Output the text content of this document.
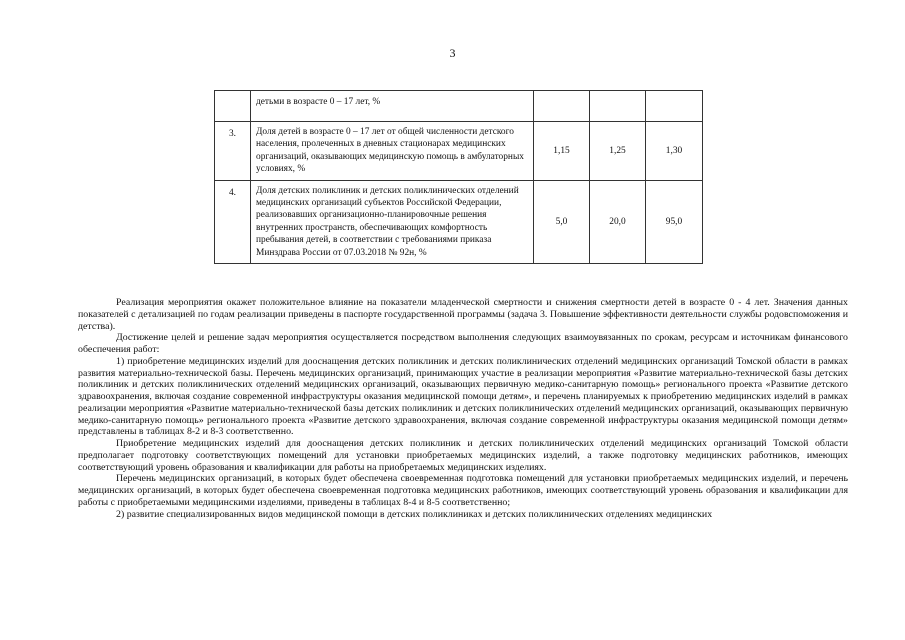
3
	детьми в возрасте 0 – 17 лет, %			
3.	Доля детей в возрасте 0 – 17 лет от общей численности детского населения, пролеченных в дневных стационарах медицинских организаций, оказывающих медицинскую помощь в амбулаторных условиях, %	1,15	1,25	1,30
4.	Доля детских поликлиник и детских поликлинических отделений медицинских организаций субъектов Российской Федерации, реализовавших организационно-планировочные решения внутренних пространств, обеспечивающих комфортность пребывания детей, в соответствии с требованиями приказа Минздрава России от 07.03.2018 № 92н, %	5,0	20,0	95,0

Реализация мероприятия окажет положительное влияние на показатели младенческой смертности и снижения смертности детей в возрасте 0 - 4 лет. Значения данных показателей с детализацией по годам реализации приведены в паспорте государственной программы (задача 3. Повышение эффективности деятельности службы родовспоможения и детства).

Достижение целей и решение задач мероприятия осуществляется посредством выполнения следующих взаимоувязанных по срокам, ресурсам и источникам финансового обеспечения работ:

1) приобретение медицинских изделий для дооснащения детских поликлиник и детских поликлинических отделений медицинских организаций Томской области в рамках развития материально-технической базы. Перечень медицинских организаций, принимающих участие в реализации мероприятия «Развитие материально-технической базы детских поликлиник и детских поликлинических отделений медицинских организаций, оказывающих первичную медико-санитарную помощь» регионального проекта «Развитие детского здравоохранения, включая создание современной инфраструктуры оказания медицинской помощи детям», и перечень планируемых к приобретению медицинских изделий в рамках реализации мероприятия «Развитие материально-технической базы детских поликлиник и детских поликлинических отделений медицинских организаций, оказывающих первичную медико-санитарную помощь» регионального проекта «Развитие детского здравоохранения, включая создание современной инфраструктуры оказания медицинской помощи детям» представлены в таблицах 8-2 и 8-3 соответственно.

Приобретение медицинских изделий для дооснащения детских поликлиник и детских поликлинических отделений медицинских организаций Томской области предполагает подготовку соответствующих помещений для установки приобретаемых медицинских изделий, а также подготовку медицинских работников, имеющих соответствующий уровень образования и квалификации для работы на приобретаемых медицинских изделиях.

Перечень медицинских организаций, в которых будет обеспечена своевременная подготовка помещений для установки приобретаемых медицинских изделий, и перечень медицинских организаций, в которых будет обеспечена своевременная подготовка медицинских работников, имеющих соответствующий уровень образования и квалификации для работы с приобретаемыми медицинскими изделиями, приведены в таблицах 8-4 и 8-5 соответственно;

2) развитие специализированных видов медицинской помощи в детских поликлиниках и детских поликлинических отделениях медицинских
